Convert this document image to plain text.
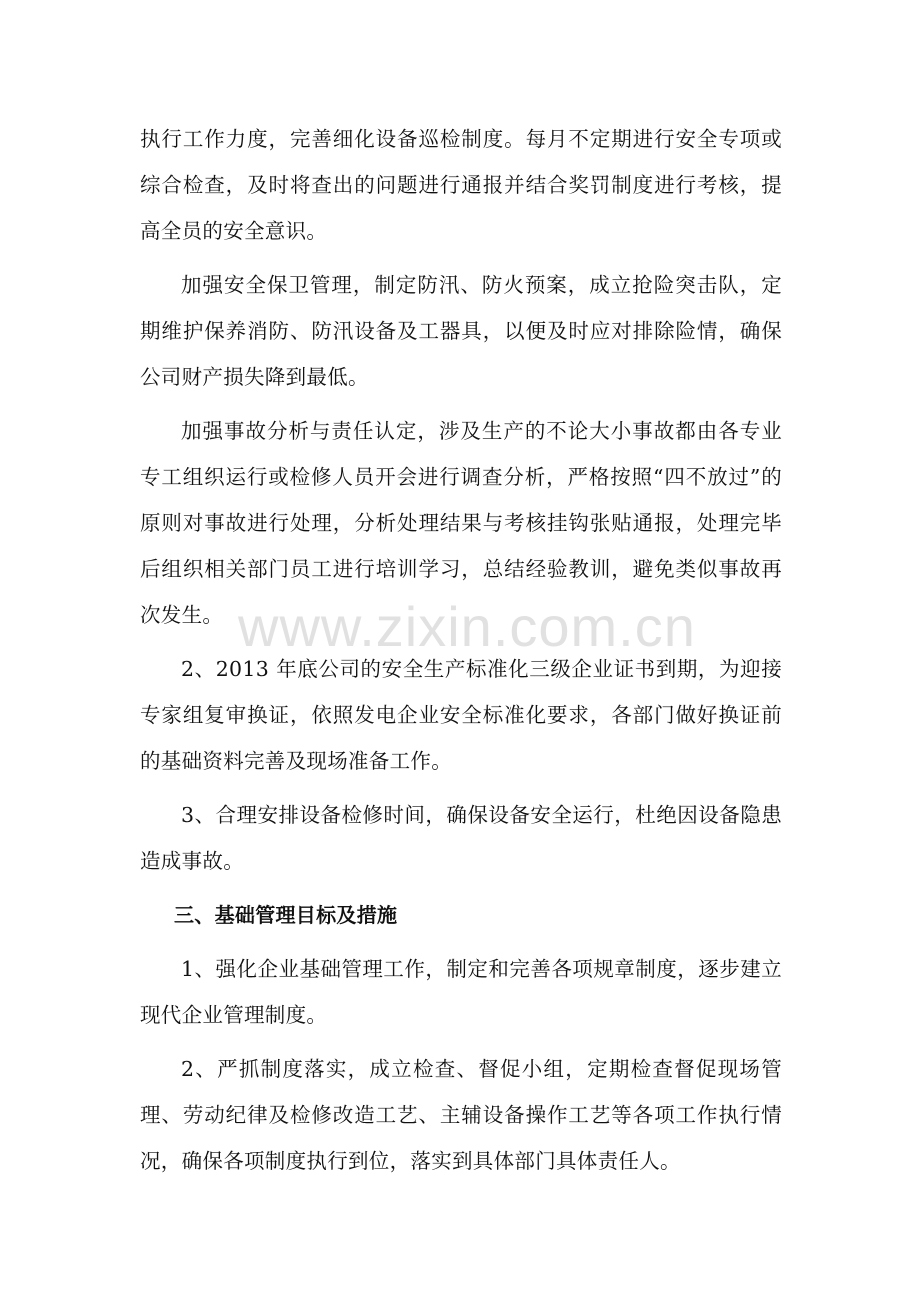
执行工作力度，完善细化设备巡检制度。每月不定期进行安全专项或综合检查，及时将查出的问题进行通报并结合奖罚制度进行考核，提高全员的安全意识。

加强安全保卫管理，制定防汛、防火预案，成立抢险突击队，定期维护保养消防、防汛设备及工器具，以便及时应对排除险情，确保公司财产损失降到最低。

加强事故分析与责任认定，涉及生产的不论大小事故都由各专业专工组织运行或检修人员开会进行调查分析，严格按照“四不放过”的原则对事故进行处理，分析处理结果与考核挂钩张贴通报，处理完毕后组织相关部门员工进行培训学习，总结经验教训，避免类似事故再次发生。

2、2013 年底公司的安全生产标准化三级企业证书到期，为迎接专家组复审换证，依照发电企业安全标准化要求，各部门做好换证前的基础资料完善及现场准备工作。

3、合理安排设备检修时间，确保设备安全运行，杜绝因设备隐患造成事故。

三、基础管理目标及措施

1、强化企业基础管理工作，制定和完善各项规章制度，逐步建立现代企业管理制度。

2、严抓制度落实，成立检查、督促小组，定期检查督促现场管理、劳动纪律及检修改造工艺、主辅设备操作工艺等各项工作执行情况，确保各项制度执行到位，落实到具体部门具体责任人。

www.zixin.com.cn
